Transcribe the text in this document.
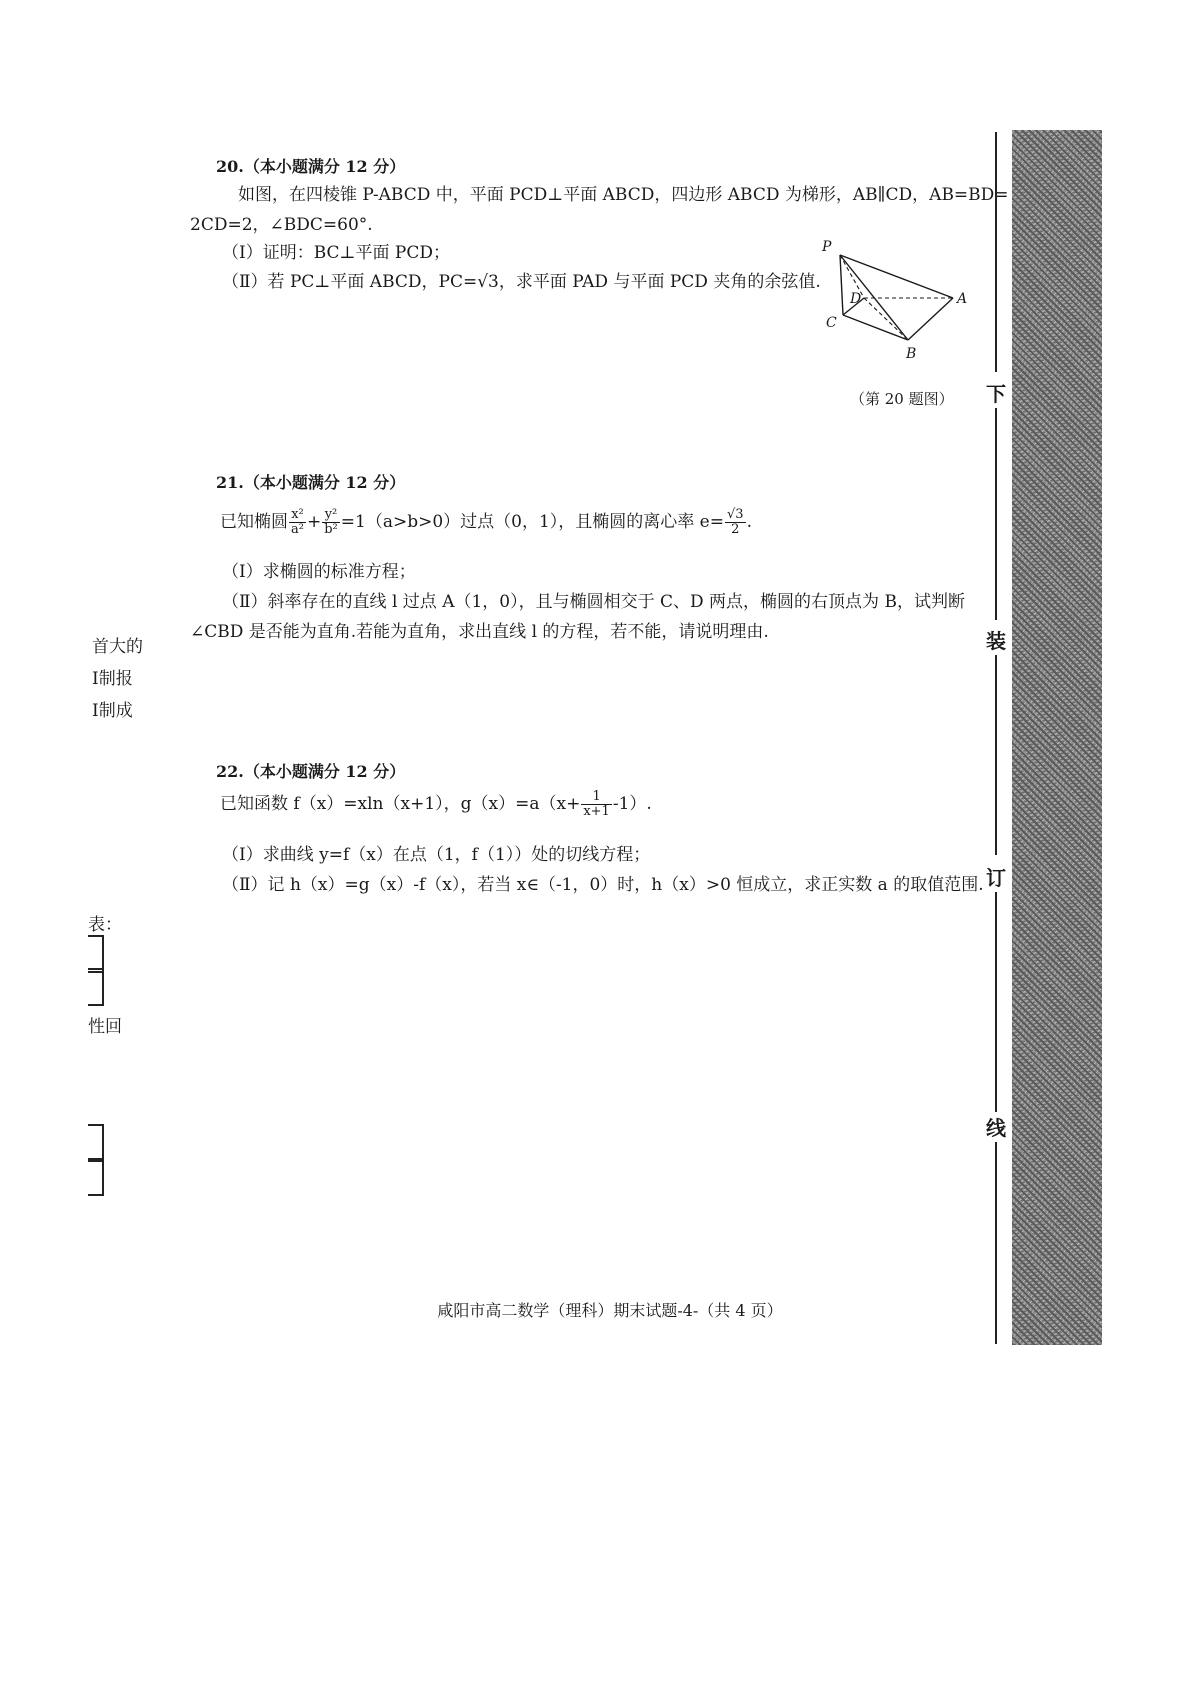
20.（本小题满分 12 分）
如图，在四棱锥 P-ABCD 中，平面 PCD⊥平面 ABCD，四边形 ABCD 为梯形，AB∥CD，AB=BD=
2CD=2，∠BDC=60°.
（Ⅰ）证明：BC⊥平面 PCD；
（Ⅱ）若 PC⊥平面 ABCD，PC=√3，求平面 PAD 与平面 PCD 夹角的余弦值.
P
D	A
C
B
（第 20 题图）
21.（本小题满分 12 分）
已知椭圆 $\frac{\text{x²}}{\text{a²}} + \frac{\text{y²}}{\text{b²}} =1(a>b>0)$过点（0，1），且椭圆的离心率 $e= \frac{√3}{2}$ .
（Ⅰ）求椭圆的标准方程；
（Ⅱ）斜率存在的直线 l 过点 A（1，0），且与椭圆相交于 C、D 两点，椭圆的右顶点为 B，试判断
∠CBD 是否能为直角.若能为直角，求出直线 l 的方程，若不能，请说明理由.
22.（本小题满分 12 分）
已知函数 f（x）=xln（x+1），$g(x)=a(x+ \frac{1}{x+1} -1)$.
（Ⅰ）求曲线 y=f（x）在点（1，f（1））处的切线方程；
（Ⅱ）记 h（x）=g（x）-f（x），若当 x∈（-1，0）时，h（x）>0 恒成立，求正实数 a 的取值范围.
首大的
I制报
I制成
表：
性回
下
装
订
线
咸阳市高二数学（理科）期末试题-4-（共 4 页）
